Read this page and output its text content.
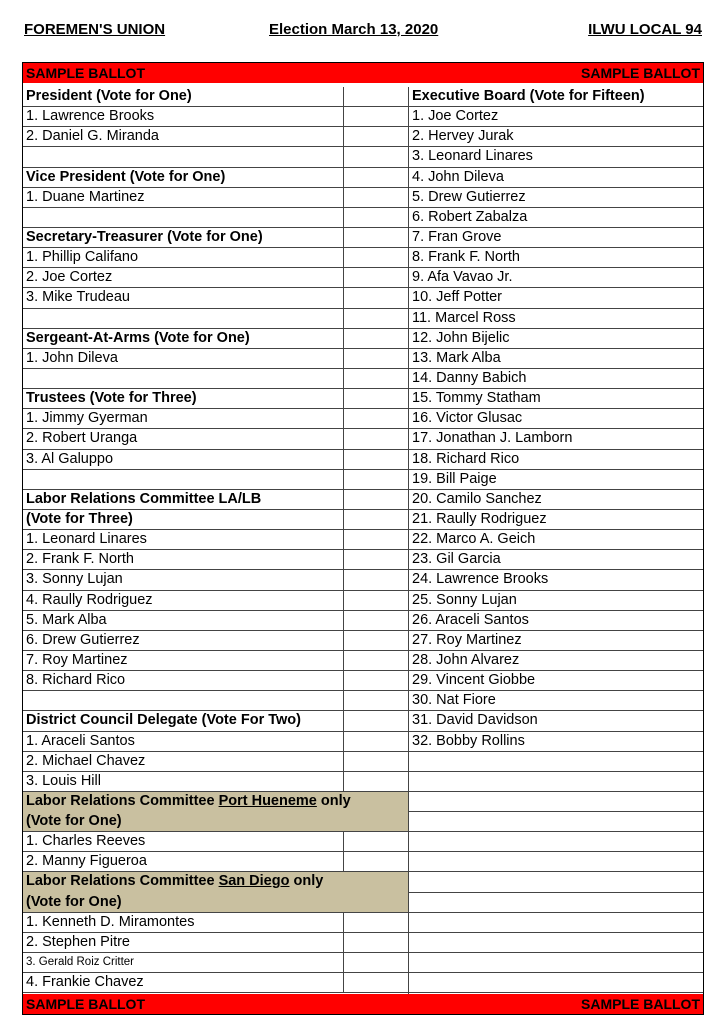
FOREMEN'S UNION	Election March 13, 2020	ILWU LOCAL 94
SAMPLE BALLOT	SAMPLE BALLOT
President (Vote for One)
1. Lawrence Brooks
2. Daniel G. Miranda
Vice President (Vote for One)
1. Duane Martinez
Secretary-Treasurer (Vote for One)
1. Phillip Califano
2. Joe Cortez
3. Mike Trudeau
Sergeant-At-Arms (Vote for One)
1. John Dileva
Trustees (Vote for Three)
1. Jimmy Gyerman
2. Robert Uranga
3. Al Galuppo
Labor Relations Committee LA/LB
(Vote for Three)
1. Leonard Linares
2. Frank F. North
3. Sonny Lujan
4. Raully Rodriguez
5. Mark Alba
6. Drew Gutierrez
7. Roy Martinez
8. Richard Rico
District Council Delegate (Vote For Two)
1. Araceli Santos
2. Michael Chavez
3. Louis Hill
Labor Relations Committee Port Hueneme only
(Vote for One)
1. Charles Reeves
2. Manny Figueroa
Labor Relations Committee San Diego only
(Vote for One)
1. Kenneth D. Miramontes
2. Stephen Pitre
3. Gerald Roiz Critter
4. Frankie Chavez
Executive Board (Vote for Fifteen)
1. Joe Cortez
2. Hervey Jurak
3. Leonard Linares
4. John Dileva
5. Drew Gutierrez
6. Robert Zabalza
7. Fran Grove
8. Frank F. North
9. Afa Vavao Jr.
10. Jeff Potter
11. Marcel Ross
12. John Bijelic
13. Mark Alba
14. Danny Babich
15. Tommy Statham
16. Victor Glusac
17. Jonathan J. Lamborn
18. Richard Rico
19. Bill Paige
20. Camilo Sanchez
21. Raully Rodriguez
22. Marco A. Geich
23. Gil Garcia
24. Lawrence Brooks
25. Sonny Lujan
26. Araceli Santos
27. Roy Martinez
28. John Alvarez
29. Vincent Giobbe
30. Nat Fiore
31. David Davidson
32. Bobby Rollins
SAMPLE BALLOT	SAMPLE BALLOT
